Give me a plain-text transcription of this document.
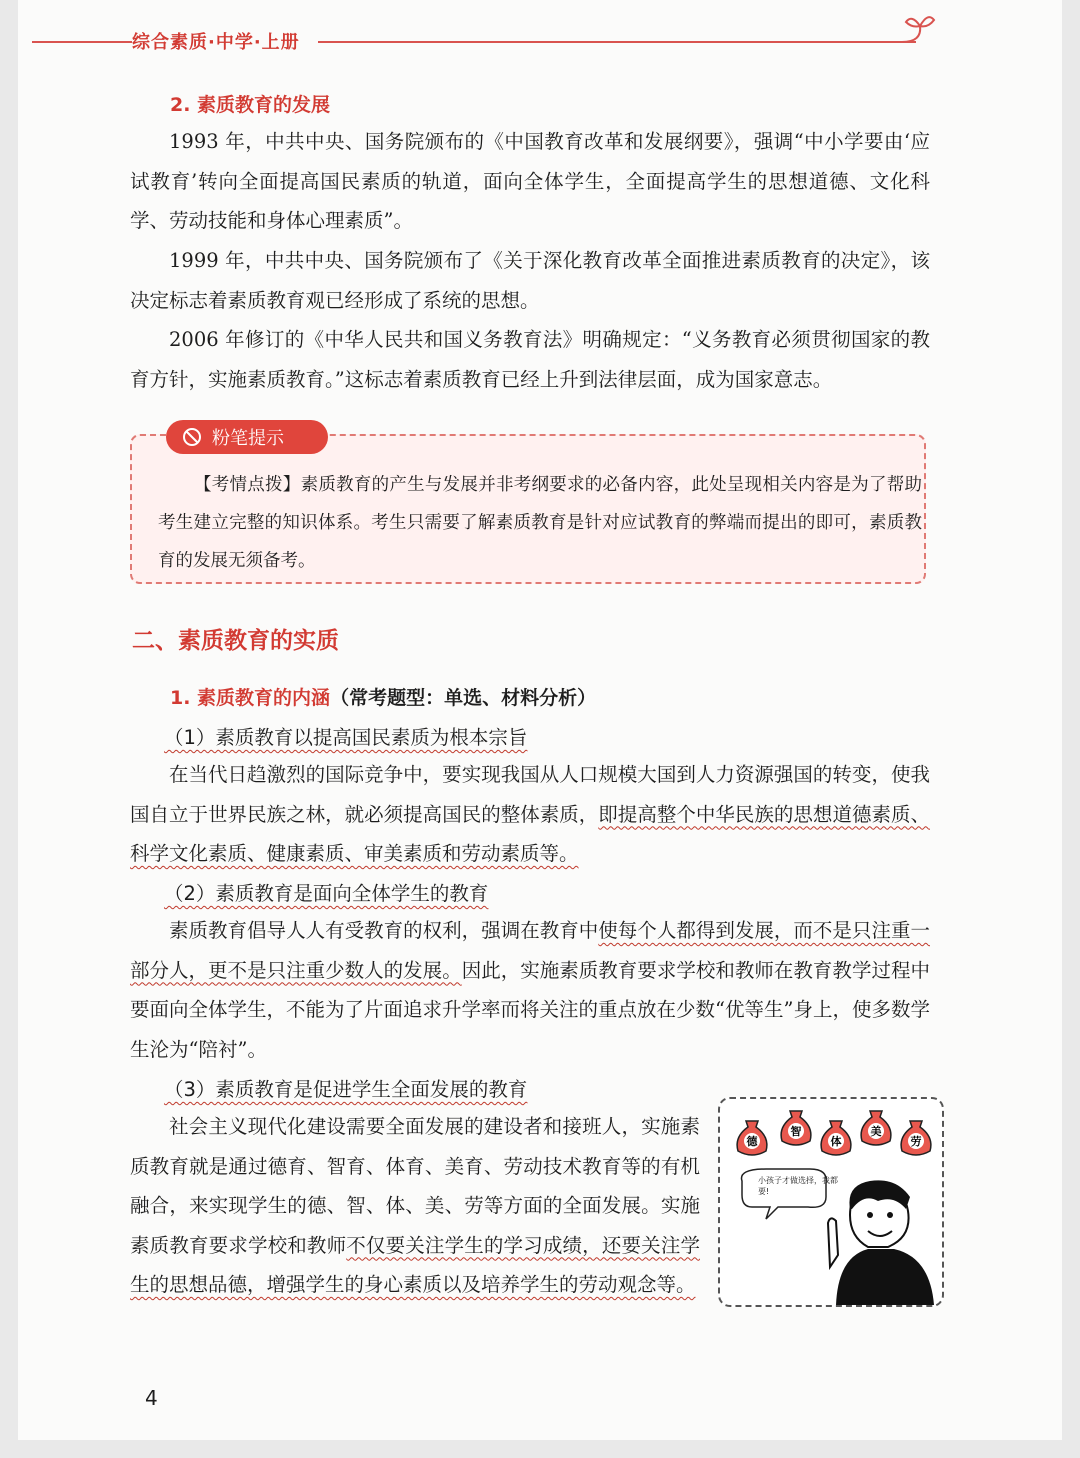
综合素质·中学·上册
2. 素质教育的发展

1993 年，中共中央、国务院颁布的《中国教育改革和发展纲要》，强调“中小学要由‘应试教育’转向全面提高国民素质的轨道，面向全体学生，全面提高学生的思想道德、文化科学、劳动技能和身体心理素质”。

1999 年，中共中央、国务院颁布了《关于深化教育改革全面推进素质教育的决定》，该决定标志着素质教育观已经形成了系统的思想。

2006 年修订的《中华人民共和国义务教育法》明确规定：“义务教育必须贯彻国家的教育方针，实施素质教育。”这标志着素质教育已经上升到法律层面，成为国家意志。

粉笔提示

【考情点拨】素质教育的产生与发展并非考纲要求的必备内容，此处呈现相关内容是为了帮助考生建立完整的知识体系。考生只需要了解素质教育是针对应试教育的弊端而提出的即可，素质教育的发展无须备考。

二、素质教育的实质
1. 素质教育的内涵（常考题型：单选、材料分析）
（1）素质教育以提高国民素质为根本宗旨

在当代日趋激烈的国际竞争中，要实现我国从人口规模大国到人力资源强国的转变，使我国自立于世界民族之林，就必须提高国民的整体素质，即提高整个中华民族的思想道德素质、科学文化素质、健康素质、审美素质和劳动素质等。

（2）素质教育是面向全体学生的教育

素质教育倡导人人有受教育的权利，强调在教育中使每个人都得到发展，而不是只注重一部分人，更不是只注重少数人的发展。因此，实施素质教育要求学校和教师在教育教学过程中要面向全体学生，不能为了片面追求升学率而将关注的重点放在少数“优等生”身上，使多数学生沦为“陪衬”。

（3）素质教育是促进学生全面发展的教育

社会主义现代化建设需要全面发展的建设者和接班人，实施素质教育就是通过德育、智育、体育、美育、劳动技术教育等的有机融合，来实现学生的德、智、体、美、劳等方面的全面发展。实施素质教育要求学校和教师不仅要关注学生的学习成绩，还要关注学生的思想品德，增强学生的身心素质以及培养学生的劳动观念等。

德
智
体
美
劳
小孩子才做选择，我都要!
4
